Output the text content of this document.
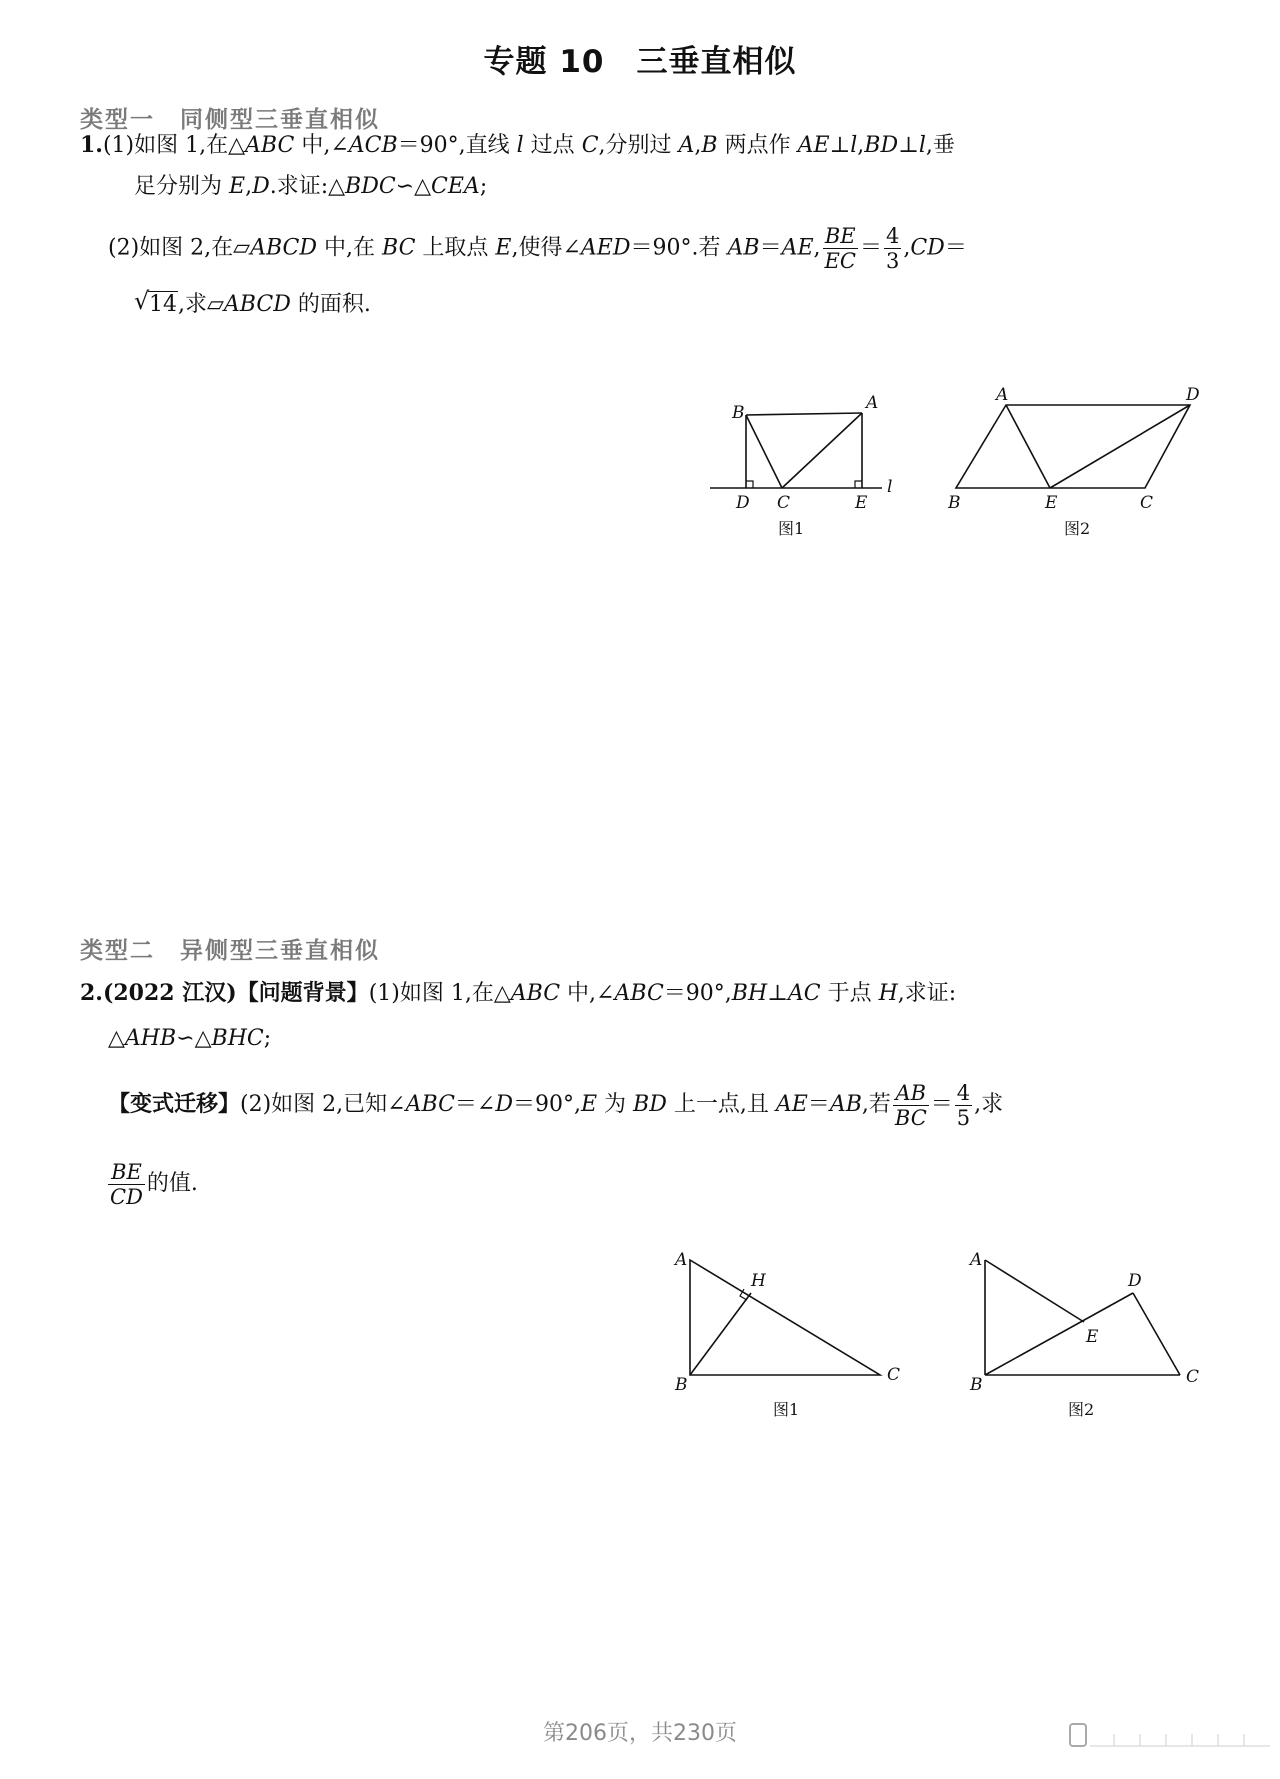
专题 10　三垂直相似
类型一　同侧型三垂直相似
1.(1)如图 1,在△ABC 中,∠ACB＝90°,直线 l 过点 C,分别过 A,B 两点作 AE⊥l,BD⊥l,垂
足分别为 E,D.求证:△BDC∽△CEA;
(2)如图 2,在▱ABCD 中,在 BC 上取点 E,使得∠AED＝90°.若 AB＝AE, $\frac{BE}{EC} = \frac{4}{3} ,CD=$
√ 14,求▱ABCD 的面积.
A
B
D C	E
l
图1
A	D
B	E	C
图2
类型二　异侧型三垂直相似
2.(2022 江汉)【问题背景】(1)如图 1,在△ABC 中,∠ABC＝90°,BH⊥AC 于点 H,求证:
△AHB∽△BHC;
【变式迁移】(2)如图 2,已知∠ABC＝∠D＝90°,E 为 BD 上一点,且 AE＝AB,若 $\frac{AB}{BC} = \frac{4}{5}$ ,求
$\frac{BE}{CD}$ 的值.
A
H
B	C
图1
A
D
E
B	C
图2
第206页，共230页
